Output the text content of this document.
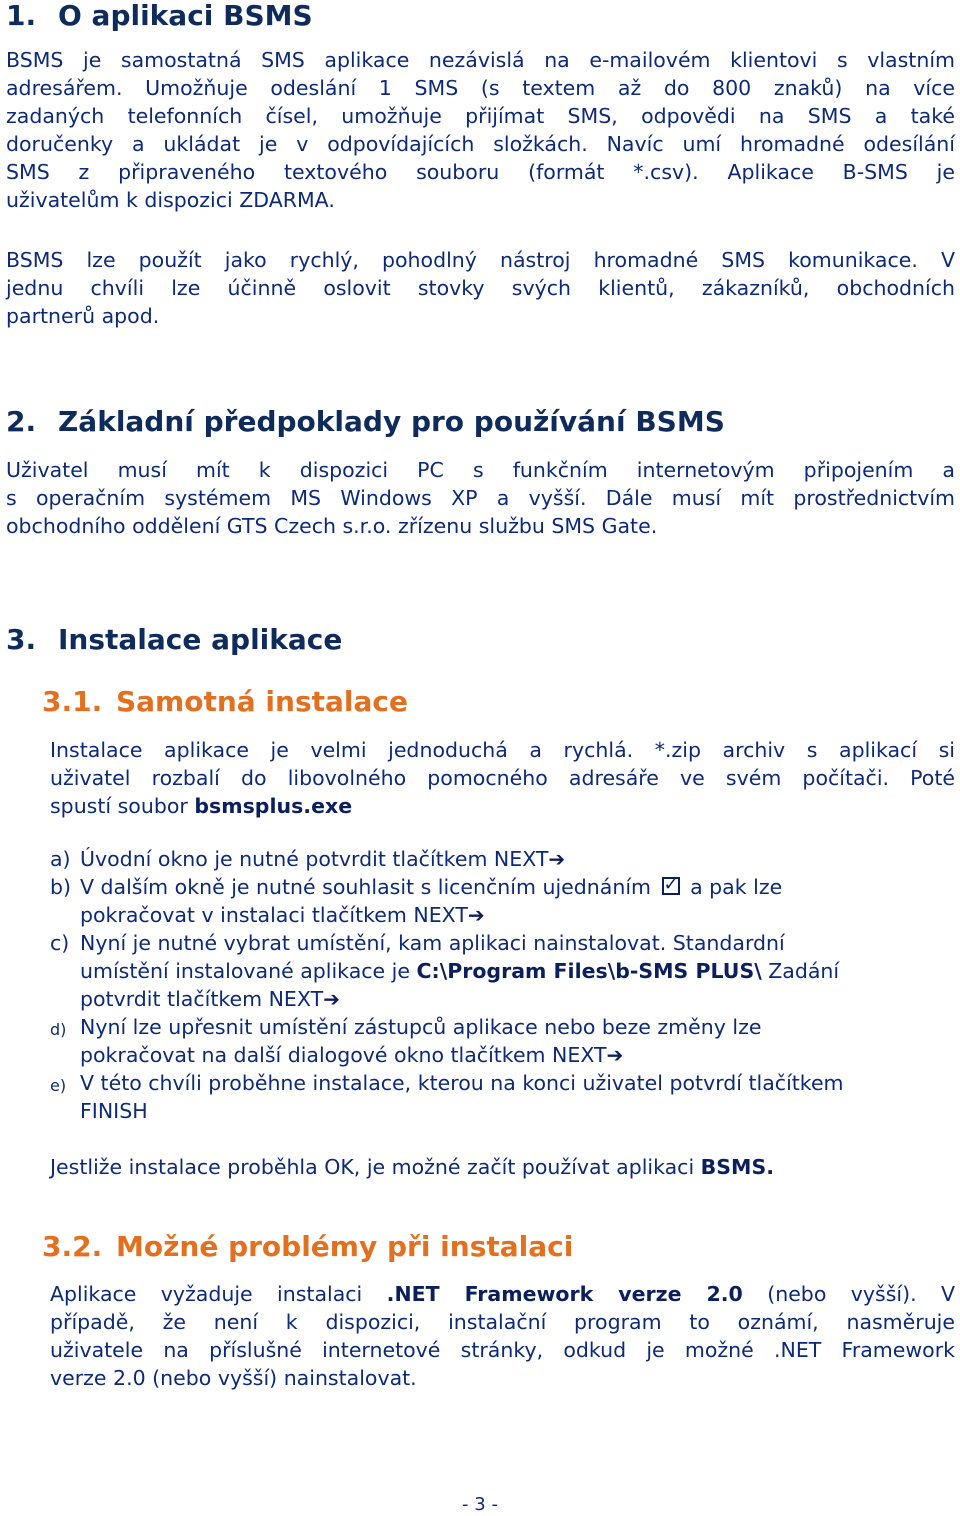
1. O aplikaci BSMS
BSMS je samostatná SMS aplikace nezávislá na e-mailovém klientovi s vlastním
adresářem. Umožňuje odeslání 1 SMS (s textem až do 800 znaků) na více
zadaných telefonních čísel, umožňuje přijímat SMS, odpovědi na SMS a také
doručenky a ukládat je v odpovídajících složkách. Navíc umí hromadné odesílání
SMS z připraveného textového souboru (formát *.csv). Aplikace B-SMS je
uživatelům k dispozici ZDARMA.
BSMS lze použít jako rychlý, pohodlný nástroj hromadné SMS komunikace. V
jednu chvíli lze účinně oslovit stovky svých klientů, zákazníků, obchodních
partnerů apod.
2. Základní předpoklady pro používání BSMS
Uživatel musí mít k dispozici PC s funkčním internetovým připojením a
s operačním systémem MS Windows XP a vyšší. Dále musí mít prostřednictvím
obchodního oddělení GTS Czech s.r.o. zřízenu službu SMS Gate.
3. Instalace aplikace
3.1. Samotná instalace
Instalace aplikace je velmi jednoduchá a rychlá. *.zip archiv s aplikací si
uživatel rozbalí do libovolného pomocného adresáře ve svém počítači. Poté
spustí soubor bsmsplus.exe
a) Úvodní okno je nutné potvrdit tlačítkem NEXT➔
b) V dalším okně je nutné souhlasit s licenčním ujednáním ✓ a pak lze
pokračovat v instalaci tlačítkem NEXT➔
c) Nyní je nutné vybrat umístění, kam aplikaci nainstalovat. Standardní
umístění instalované aplikace je C:\Program Files\b-SMS PLUS\ Zadání
potvrdit tlačítkem NEXT➔
d) Nyní lze upřesnit umístění zástupců aplikace nebo beze změny lze
pokračovat na další dialogové okno tlačítkem NEXT➔
e) V této chvíli proběhne instalace, kterou na konci uživatel potvrdí tlačítkem
FINISH
Jestliže instalace proběhla OK, je možné začít používat aplikaci BSMS.
3.2. Možné problémy při instalaci
Aplikace vyžaduje instalaci .NET Framework verze 2.0 (nebo vyšší). V
případě, že není k dispozici, instalační program to oznámí, nasměruje
uživatele na příslušné internetové stránky, odkud je možné .NET Framework
verze 2.0 (nebo vyšší) nainstalovat.
- 3 -
